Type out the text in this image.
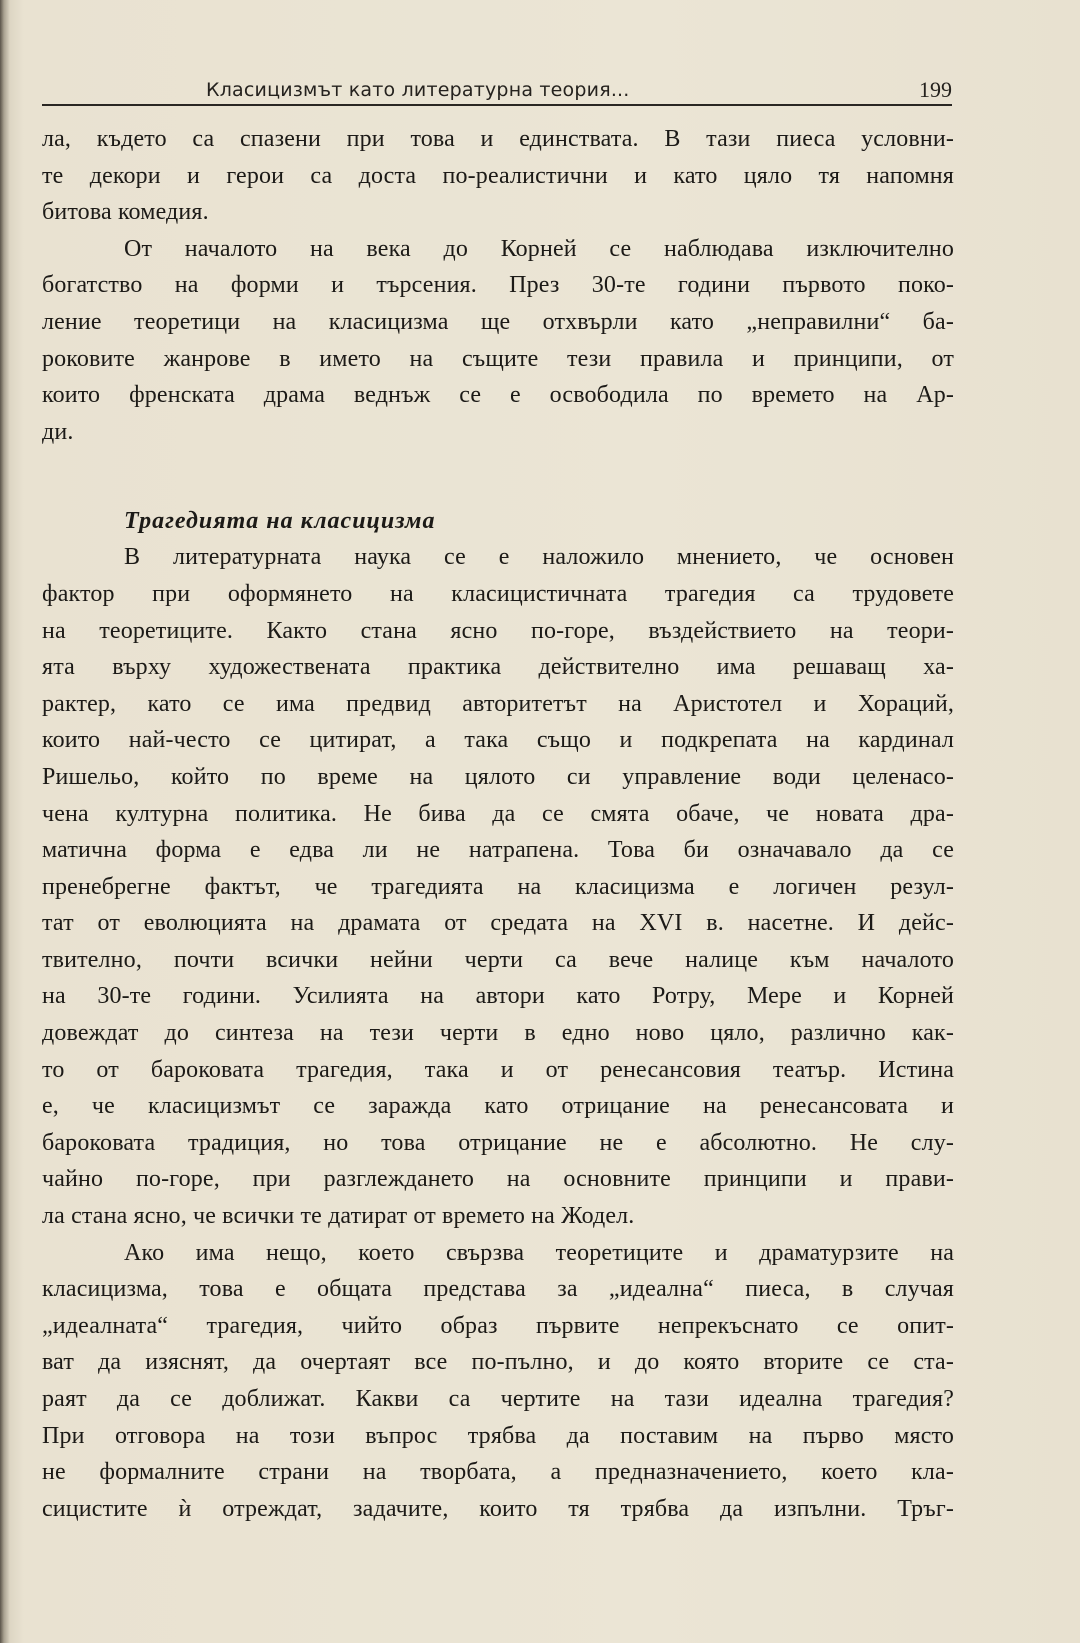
Класицизмът като литературна теория...	199
ла, където са спазени при това и единствата. В тази пиеса условни-
те декори и герои са доста по-реалистични и като цяло тя напомня
битова комедия.
От началото на века до Корней се наблюдава изключително
богатство на форми и търсения. През 30-те години първото поко-
ление теоретици на класицизма ще отхвърли като „неправилни“ ба-
роковите жанрове в името на същите тези правила и принципи, от
които френската драма веднъж се е освободила по времето на Ар-
ди.
Трагедията на класицизма
В литературната наука се е наложило мнението, че основен
фактор при оформянето на класицистичната трагедия са трудовете
на теоретиците. Както стана ясно по-горе, въздействието на теори-
ята върху художествената практика действително има решаващ ха-
рактер, като се има предвид авторитетът на Аристотел и Хораций,
които най-често се цитират, а така също и подкрепата на кардинал
Ришельо, който по време на цялото си управление води целенасо-
чена културна политика. Не бива да се смята обаче, че новата дра-
матична форма е едва ли не натрапена. Това би означавало да се
пренебрегне фактът, че трагедията на класицизма е логичен резул-
тат от еволюцията на драмата от средата на XVI в. насетне. И дейс-
твително, почти всички нейни черти са вече налице към началото
на 30-те години. Усилията на автори като Ротру, Мере и Корней
довеждат до синтеза на тези черти в едно ново цяло, различно как-
то от бароковата трагедия, така и от ренесансовия театър. Истина
е, че класицизмът се заражда като отрицание на ренесансовата и
бароковата традиция, но това отрицание не е абсолютно. Не слу-
чайно по-горе, при разглеждането на основните принципи и прави-
ла стана ясно, че всички те датират от времето на Жодел.
Ако има нещо, което свързва теоретиците и драматурзите на
класицизма, това е общата представа за „идеална“ пиеса, в случая
„идеалната“ трагедия, чийто образ първите непрекъснато се опит-
ват да изяснят, да очертаят все по-пълно, и до която вторите се ста-
раят да се доближат. Какви са чертите на тази идеална трагедия?
При отговора на този въпрос трябва да поставим на първо място
не формалните страни на творбата, а предназначението, което кла-
сицистите ѝ отреждат, задачите, които тя трябва да изпълни. Тръг-
